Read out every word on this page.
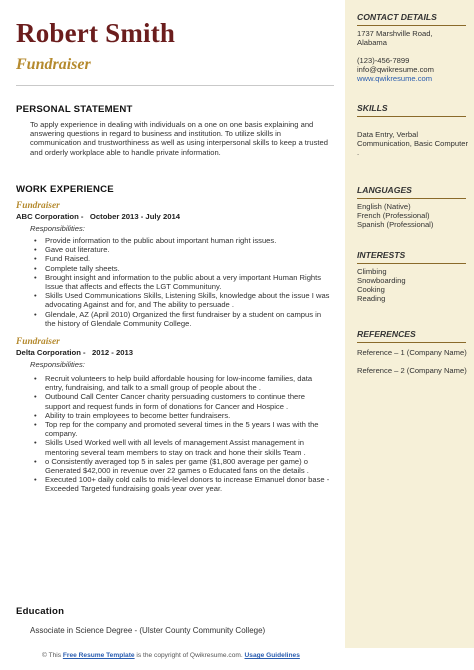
Robert Smith
Fundraiser
PERSONAL STATEMENT
To apply experience in dealing with individuals on a one on one basis explaining and answering questions in regard to business and institution. To utilize skills in communication and trustworthiness as well as using interpersonal skills to keep a trusted and orderly workplace able to handle private information.
WORK EXPERIENCE
Fundraiser
ABC Corporation -   October 2013 - July 2014
Responsibilities:
• Provide information to the public about important human right issues.
• Gave out literature.
• Fund Raised.
• Complete tally sheets.
• Brought insight and information to the public about a very important Human Rights Issue that affects and effects the LGT Communituny.
• Skills Used Communications Skills, Listening Skills, knowledge about the issue I was advocating Against and for, and The ability to persuade .
• Glendale, AZ (April 2010) Organized the first fundraiser by a student on campus in the history of Glendale Community College.
Fundraiser
Delta Corporation -   2012 - 2013
Responsibilities:
• Recruit volunteers to help build affordable housing for low-income families, data entry, fundraising, and talk to a small group of people about the .
• Outbound Call Center Cancer charity persuading customers to continue there support and request funds in form of donations for Cancer and Hospice .
• Ability to train employees to become better fundraisers.
• Top rep for the company and promoted several times in the 5 years I was with the company.
• Skills Used Worked well with all levels of management Assist management in mentoring several team members to stay on track and hone their skills Team .
• o Consistently averaged top 5 in sales per game ($1,800 average per game) o Generated $42,000 in revenue over 22 games o Educated fans on the details .
• Executed 100+ daily cold calls to mid-level donors to increase Emanuel donor base - Exceeded Targeted fundraising goals year over year.
Education
Associate in Science Degree - (Ulster County Community College)
© This Free Resume Template is the copyright of Qwikresume.com. Usage Guidelines
CONTACT DETAILS
1737 Marshville Road, Alabama
(123)-456-7899
info@qwikresume.com
www.qwikresume.com
SKILLS
Data Entry, Verbal Communication, Basic Computer .
LANGUAGES
English (Native)
French (Professional)
Spanish (Professional)
INTERESTS
Climbing
Snowboarding
Cooking
Reading
REFERENCES
Reference – 1 (Company Name)
Reference – 2 (Company Name)
